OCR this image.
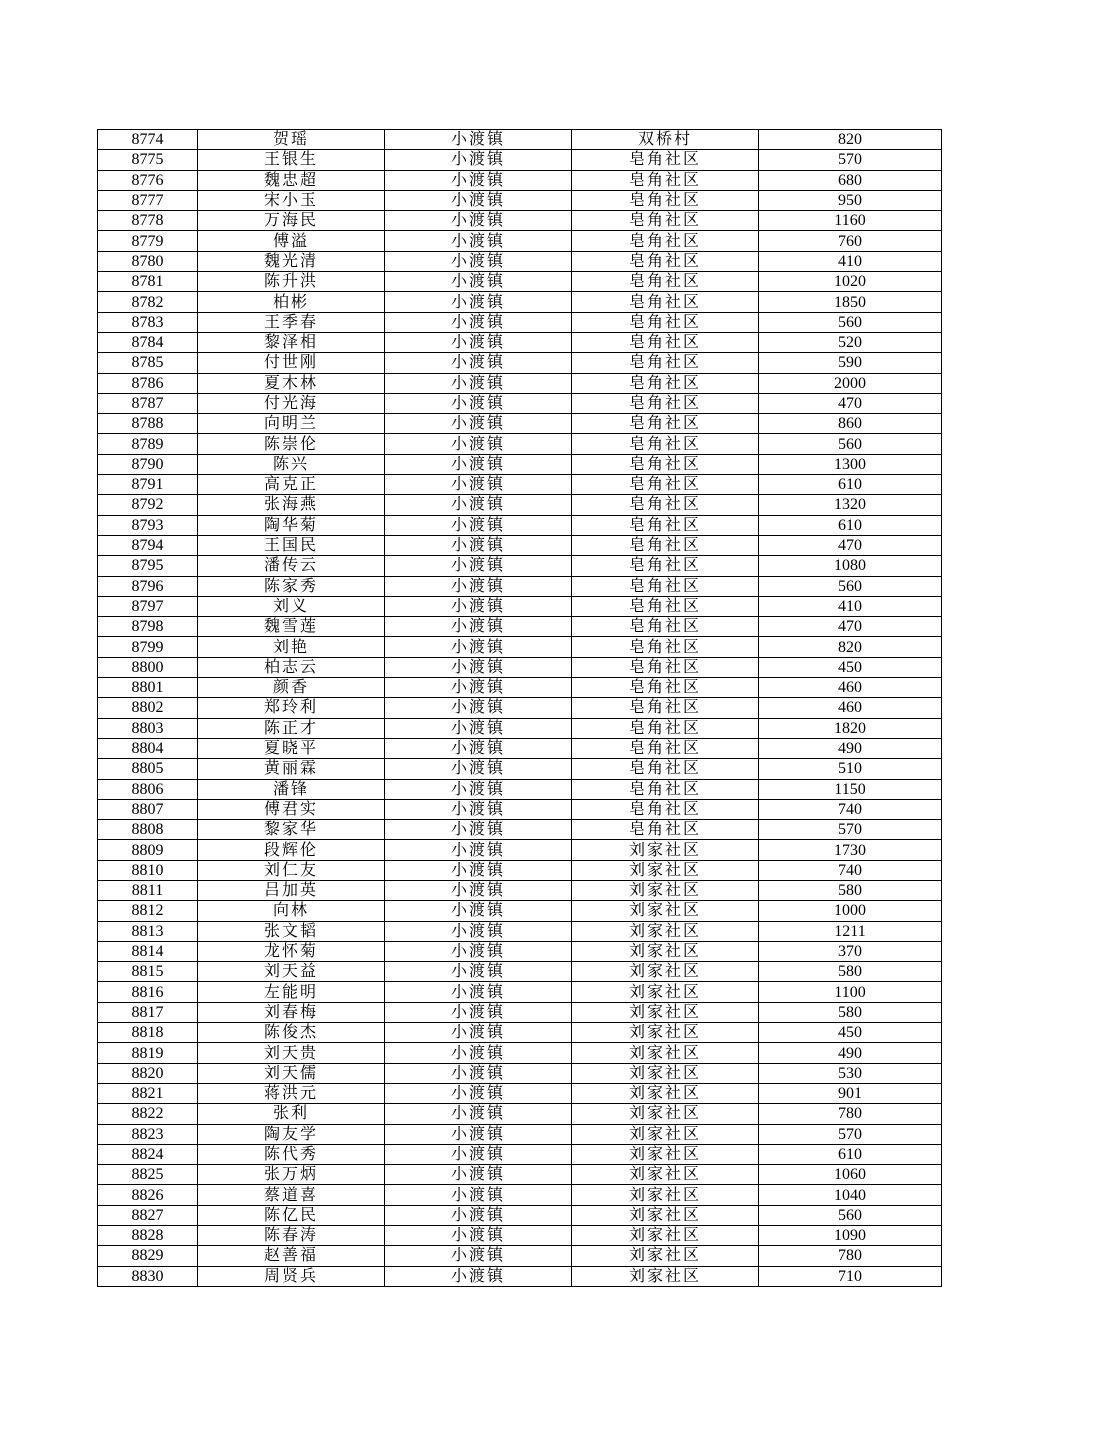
8774	贺瑶	小渡镇	双桥村	820
8775	王银生	小渡镇	皂角社区	570
8776	魏忠超	小渡镇	皂角社区	680
8777	宋小玉	小渡镇	皂角社区	950
8778	万海民	小渡镇	皂角社区	1160
8779	傅溢	小渡镇	皂角社区	760
8780	魏光清	小渡镇	皂角社区	410
8781	陈升洪	小渡镇	皂角社区	1020
8782	柏彬	小渡镇	皂角社区	1850
8783	王季春	小渡镇	皂角社区	560
8784	黎泽相	小渡镇	皂角社区	520
8785	付世刚	小渡镇	皂角社区	590
8786	夏木林	小渡镇	皂角社区	2000
8787	付光海	小渡镇	皂角社区	470
8788	向明兰	小渡镇	皂角社区	860
8789	陈崇伦	小渡镇	皂角社区	560
8790	陈兴	小渡镇	皂角社区	1300
8791	高克正	小渡镇	皂角社区	610
8792	张海燕	小渡镇	皂角社区	1320
8793	陶华菊	小渡镇	皂角社区	610
8794	王国民	小渡镇	皂角社区	470
8795	潘传云	小渡镇	皂角社区	1080
8796	陈家秀	小渡镇	皂角社区	560
8797	刘义	小渡镇	皂角社区	410
8798	魏雪莲	小渡镇	皂角社区	470
8799	刘艳	小渡镇	皂角社区	820
8800	柏志云	小渡镇	皂角社区	450
8801	颜香	小渡镇	皂角社区	460
8802	郑玲利	小渡镇	皂角社区	460
8803	陈正才	小渡镇	皂角社区	1820
8804	夏晓平	小渡镇	皂角社区	490
8805	黄丽霖	小渡镇	皂角社区	510
8806	潘锋	小渡镇	皂角社区	1150
8807	傅君实	小渡镇	皂角社区	740
8808	黎家华	小渡镇	皂角社区	570
8809	段辉伦	小渡镇	刘家社区	1730
8810	刘仁友	小渡镇	刘家社区	740
8811	吕加英	小渡镇	刘家社区	580
8812	向林	小渡镇	刘家社区	1000
8813	张文韬	小渡镇	刘家社区	1211
8814	龙怀菊	小渡镇	刘家社区	370
8815	刘天益	小渡镇	刘家社区	580
8816	左能明	小渡镇	刘家社区	1100
8817	刘春梅	小渡镇	刘家社区	580
8818	陈俊杰	小渡镇	刘家社区	450
8819	刘天贵	小渡镇	刘家社区	490
8820	刘天儒	小渡镇	刘家社区	530
8821	蒋洪元	小渡镇	刘家社区	901
8822	张利	小渡镇	刘家社区	780
8823	陶友学	小渡镇	刘家社区	570
8824	陈代秀	小渡镇	刘家社区	610
8825	张万炳	小渡镇	刘家社区	1060
8826	蔡道喜	小渡镇	刘家社区	1040
8827	陈亿民	小渡镇	刘家社区	560
8828	陈春涛	小渡镇	刘家社区	1090
8829	赵善福	小渡镇	刘家社区	780
8830	周贤兵	小渡镇	刘家社区	710
